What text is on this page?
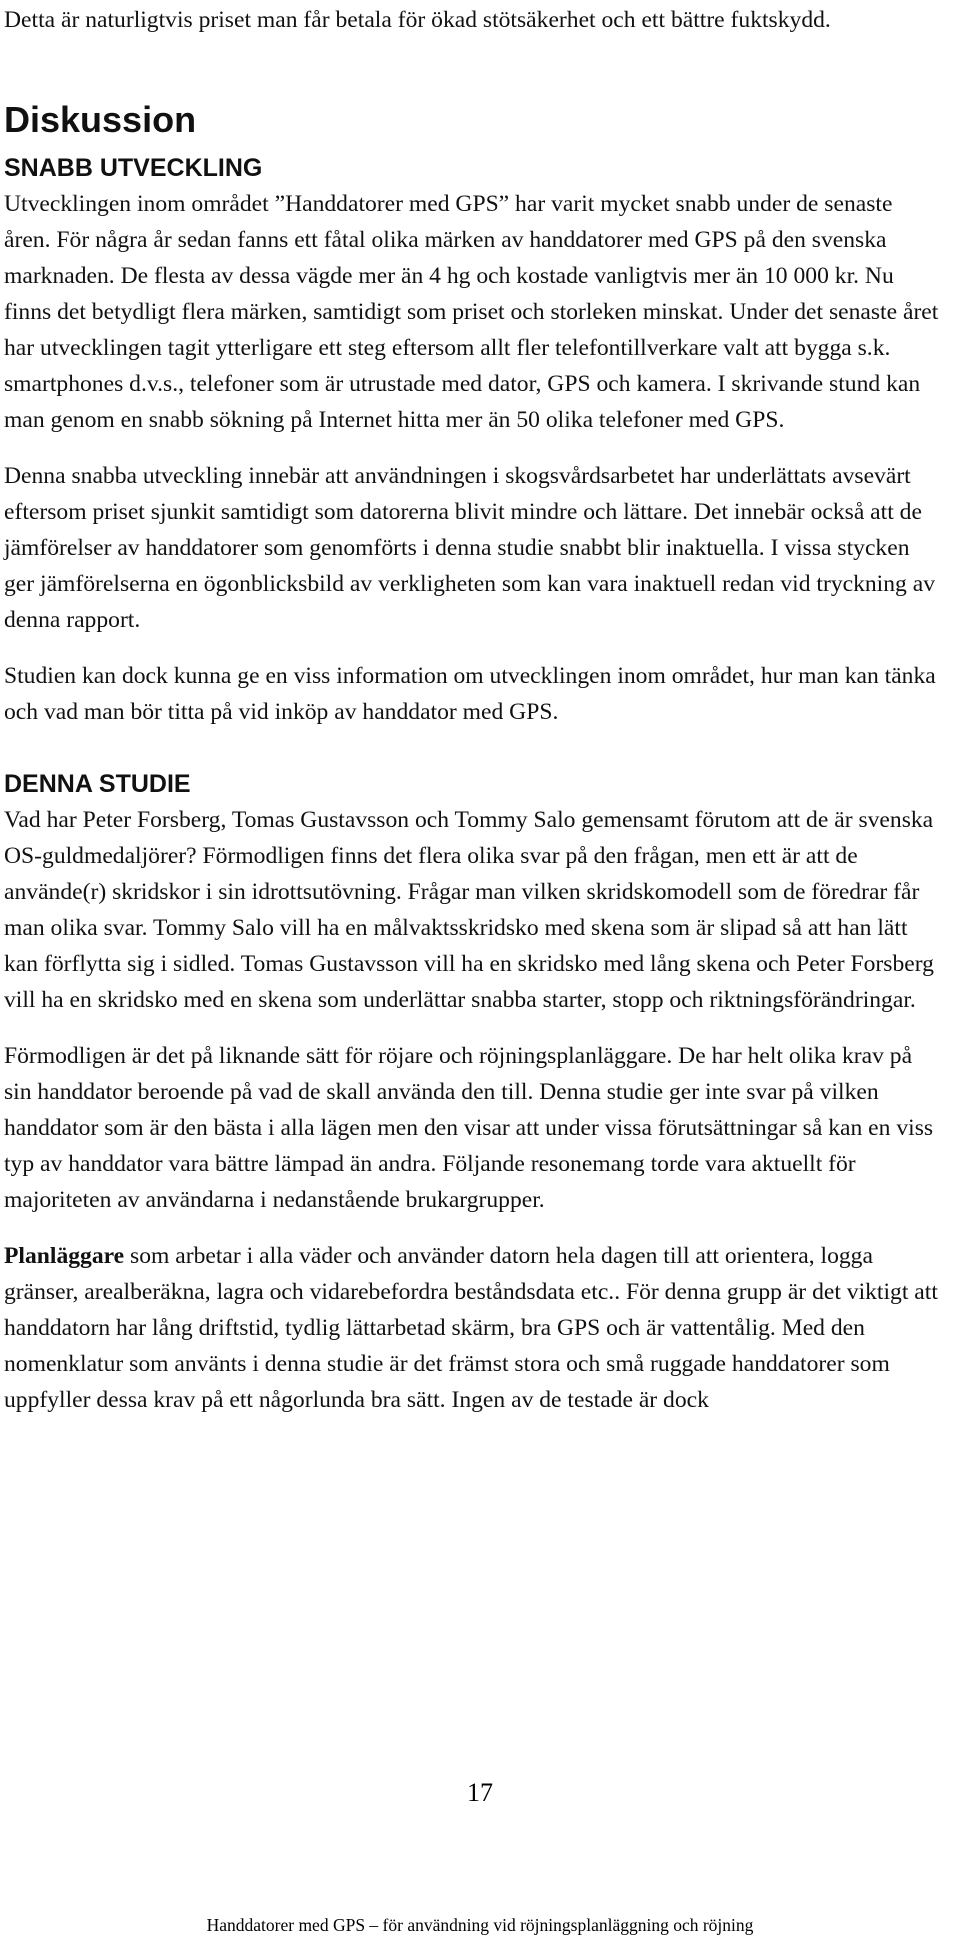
Detta är naturligtvis priset man får betala för ökad stötsäkerhet och ett bättre fuktskydd.

Diskussion
SNABB UTVECKLING

Utvecklingen inom området ”Handdatorer med GPS” har varit mycket snabb under de senaste åren. För några år sedan fanns ett fåtal olika märken av handdatorer med GPS på den svenska marknaden. De flesta av dessa vägde mer än 4 hg och kostade vanligtvis mer än 10 000 kr. Nu finns det betydligt flera märken, samtidigt som priset och storleken minskat. Under det senaste året har utvecklingen tagit ytterligare ett steg eftersom allt fler telefontillverkare valt att bygga s.k. smartphones d.v.s., telefoner som är utrustade med dator, GPS och kamera. I skrivande stund kan man genom en snabb sökning på Internet hitta mer än 50 olika telefoner med GPS.

Denna snabba utveckling innebär att användningen i skogsvårdsarbetet har underlättats avsevärt eftersom priset sjunkit samtidigt som datorerna blivit mindre och lättare. Det innebär också att de jämförelser av handdatorer som genomförts i denna studie snabbt blir inaktuella. I vissa stycken ger jämförelserna en ögonblicksbild av verkligheten som kan vara inaktuell redan vid tryckning av denna rapport.

Studien kan dock kunna ge en viss information om utvecklingen inom området, hur man kan tänka och vad man bör titta på vid inköp av handdator med GPS.

DENNA STUDIE

Vad har Peter Forsberg, Tomas Gustavsson och Tommy Salo gemensamt förutom att de är svenska OS-guldmedaljörer? Förmodligen finns det flera olika svar på den frågan, men ett är att de använde(r) skridskor i sin idrottsutövning. Frågar man vilken skridskomodell som de föredrar får man olika svar. Tommy Salo vill ha en målvaktsskridsko med skena som är slipad så att han lätt kan förflytta sig i sidled. Tomas Gustavsson vill ha en skridsko med lång skena och Peter Forsberg vill ha en skridsko med en skena som underlättar snabba starter, stopp och riktningsförändringar.

Förmodligen är det på liknande sätt för röjare och röjningsplanläggare. De har helt olika krav på sin handdator beroende på vad de skall använda den till. Denna studie ger inte svar på vilken handdator som är den bästa i alla lägen men den visar att under vissa förutsättningar så kan en viss typ av handdator vara bättre lämpad än andra. Följande resonemang torde vara aktuellt för majoriteten av användarna i nedanstående brukargrupper.

Planläggare som arbetar i alla väder och använder datorn hela dagen till att orientera, logga gränser, arealberäkna, lagra och vidarebefordra beståndsdata etc.. För denna grupp är det viktigt att handdatorn har lång driftstid, tydlig lättarbetad skärm, bra GPS och är vattentålig. Med den nomenklatur som använts i denna studie är det främst stora och små ruggade handdatorer som uppfyller dessa krav på ett någorlunda bra sätt. Ingen av de testade är dock

17
Handdatorer med GPS – för användning vid röjningsplanläggning och röjning
